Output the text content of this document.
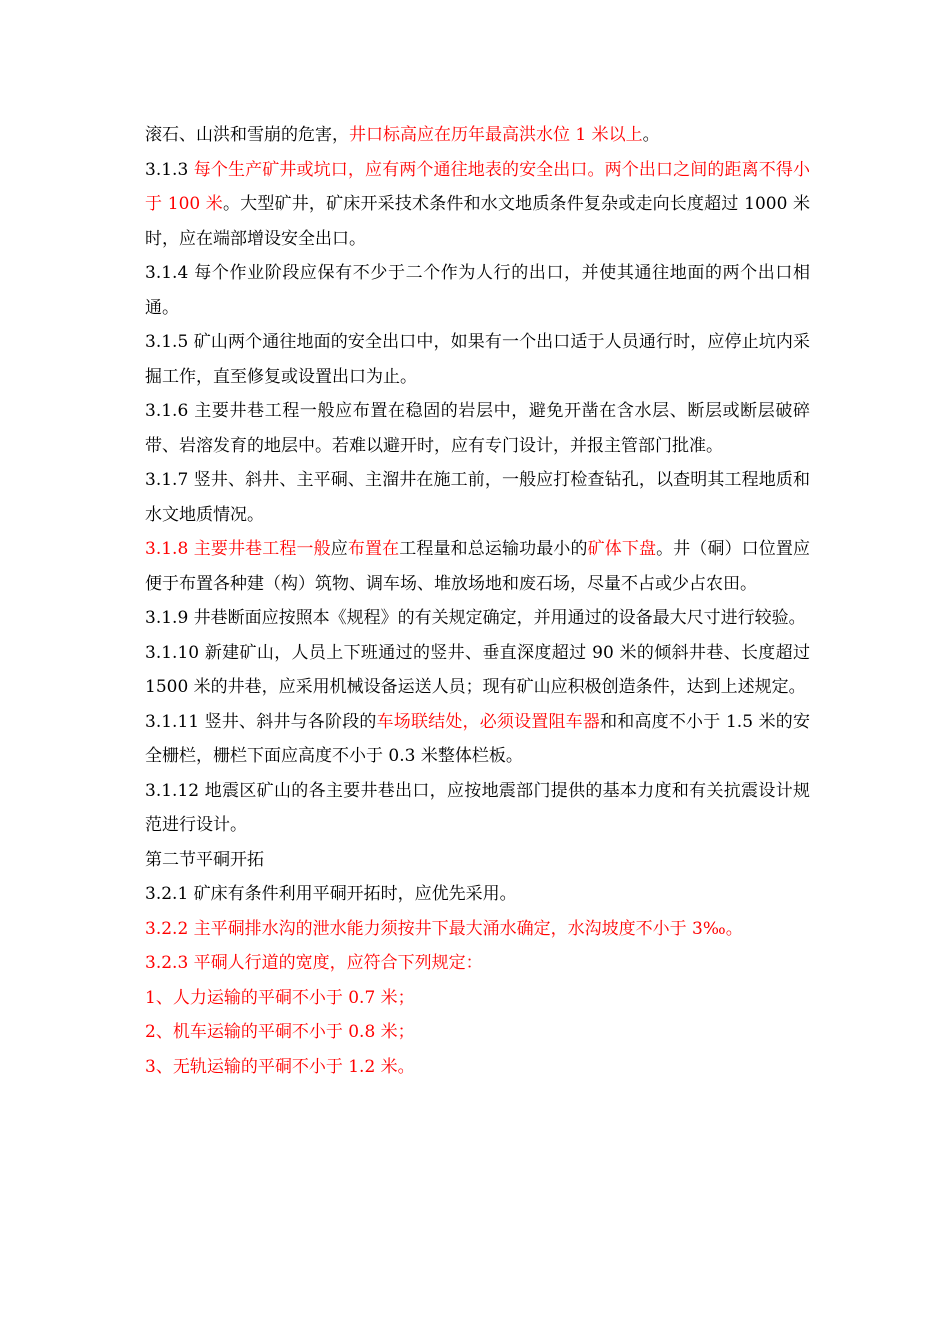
滚石、山洪和雪崩的危害，井口标高应在历年最高洪水位 1 米以上。

3.1.3 每个生产矿井或坑口，应有两个通往地表的安全出口。两个出口之间的距离不得小于 100 米。大型矿井，矿床开采技术条件和水文地质条件复杂或走向长度超过 1000 米时，应在端部增设安全出口。

3.1.4 每个作业阶段应保有不少于二个作为人行的出口，并使其通往地面的两个出口相通。

3.1.5 矿山两个通往地面的安全出口中，如果有一个出口适于人员通行时，应停止坑内采掘工作，直至修复或设置出口为止。

3.1.6 主要井巷工程一般应布置在稳固的岩层中，避免开凿在含水层、断层或断层破碎带、岩溶发育的地层中。若难以避开时，应有专门设计，并报主管部门批准。

3.1.7 竖井、斜井、主平硐、主溜井在施工前，一般应打检查钻孔，以查明其工程地质和水文地质情况。

3.1.8 主要井巷工程一般应布置在工程量和总运输功最小的矿体下盘。井（硐）口位置应便于布置各种建（构）筑物、调车场、堆放场地和废石场，尽量不占或少占农田。

3.1.9 井巷断面应按照本《规程》的有关规定确定，并用通过的设备最大尺寸进行较验。

3.1.10 新建矿山，人员上下班通过的竖井、垂直深度超过 90 米的倾斜井巷、长度超过 1500 米的井巷，应采用机械设备运送人员；现有矿山应积极创造条件，达到上述规定。

3.1.11 竖井、斜井与各阶段的车场联结处，必须设置阻车器和和高度不小于 1.5 米的安全栅栏，栅栏下面应高度不小于 0.3 米整体栏板。

3.1.12 地震区矿山的各主要井巷出口，应按地震部门提供的基本力度和有关抗震设计规范进行设计。

第二节平硐开拓

3.2.1 矿床有条件利用平硐开拓时，应优先采用。

3.2.2 主平硐排水沟的泄水能力须按井下最大涌水确定，水沟坡度不小于 3‰。

3.2.3 平硐人行道的宽度，应符合下列规定：

1、人力运输的平硐不小于 0.7 米；

2、机车运输的平硐不小于 0.8 米；

3、无轨运输的平硐不小于 1.2 米。
